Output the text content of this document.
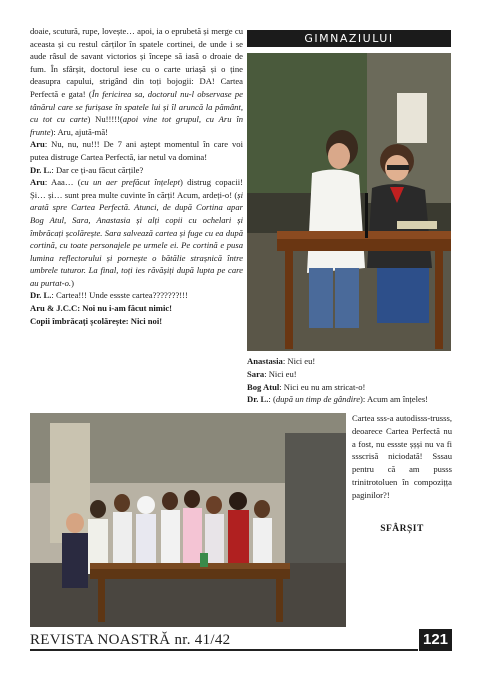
doaie, scutură, rupe, lovește… apoi, ia o eprubetă și merge cu aceasta și cu restul cărților în spatele cortinei, de unde i se aude râsul de savant victorios și începe să iasă o droaie de fum. În sfârșit, doctorul iese cu o carte uriașă și o ține deasupra capului, strigând din toți bojogii: DA! Cartea Perfectă e gata! (În fericirea sa, doctorul nu-l observase pe tânărul care se furișase în spatele lui și îl aruncă la pământ, cu tot cu carte) Nu!!!!!(apoi vine tot grupul, cu Aru în frunte): Aru, ajută-mă!

Aru: Nu, nu, nu!!! De 7 ani aștept momentul în care voi putea distruge Cartea Perfectă, iar netul va domina!

Dr. L.: Dar ce ți-au făcut cărțile?

Aru: Aaa… (cu un aer prefăcut înțelept) distrug copacii! Și… și… sunt prea multe cuvinte în cărți! Acum, ardeți-o! (și arată spre Cartea Perfectă. Atunci, de după Cortina apar Bog Atul, Sara, Anastasia și alți copii cu ochelari și îmbrăcați școlărește. Sara salvează cartea și fuge cu ea după cortină, cu toate personajele pe urmele ei. Pe cortină e pusa lumina reflectorului și pornește o bătălie strașnică între umbrele tuturor. La final, toți ies răvășiți după lupta pe care au purtat-o.)

Dr. L.: Cartea!!! Unde essste cartea???????!!!

Aru & J.C.C: Noi nu i-am făcut nimic!

Copii îmbrăcați școlărește: Nici noi!

GIMNAZIULUI

Anastasia: Nici eu!

Sara: Nici eu!

Bog Atul: Nici eu nu am stricat-o!

Dr. L.: (după un timp de gândire): Acum am înțeles!

Cartea sss-a autodisss-trusss, deoarece Cartea Perfectă nu a fost, nu essste șșși nu va fi ssscrisă niciodată! Sssau pentru că am pusss trinitrotoluen în compozițța paginilor?!

SFÂRȘIT
REVISTA NOASTRĂ nr. 41/42	121
